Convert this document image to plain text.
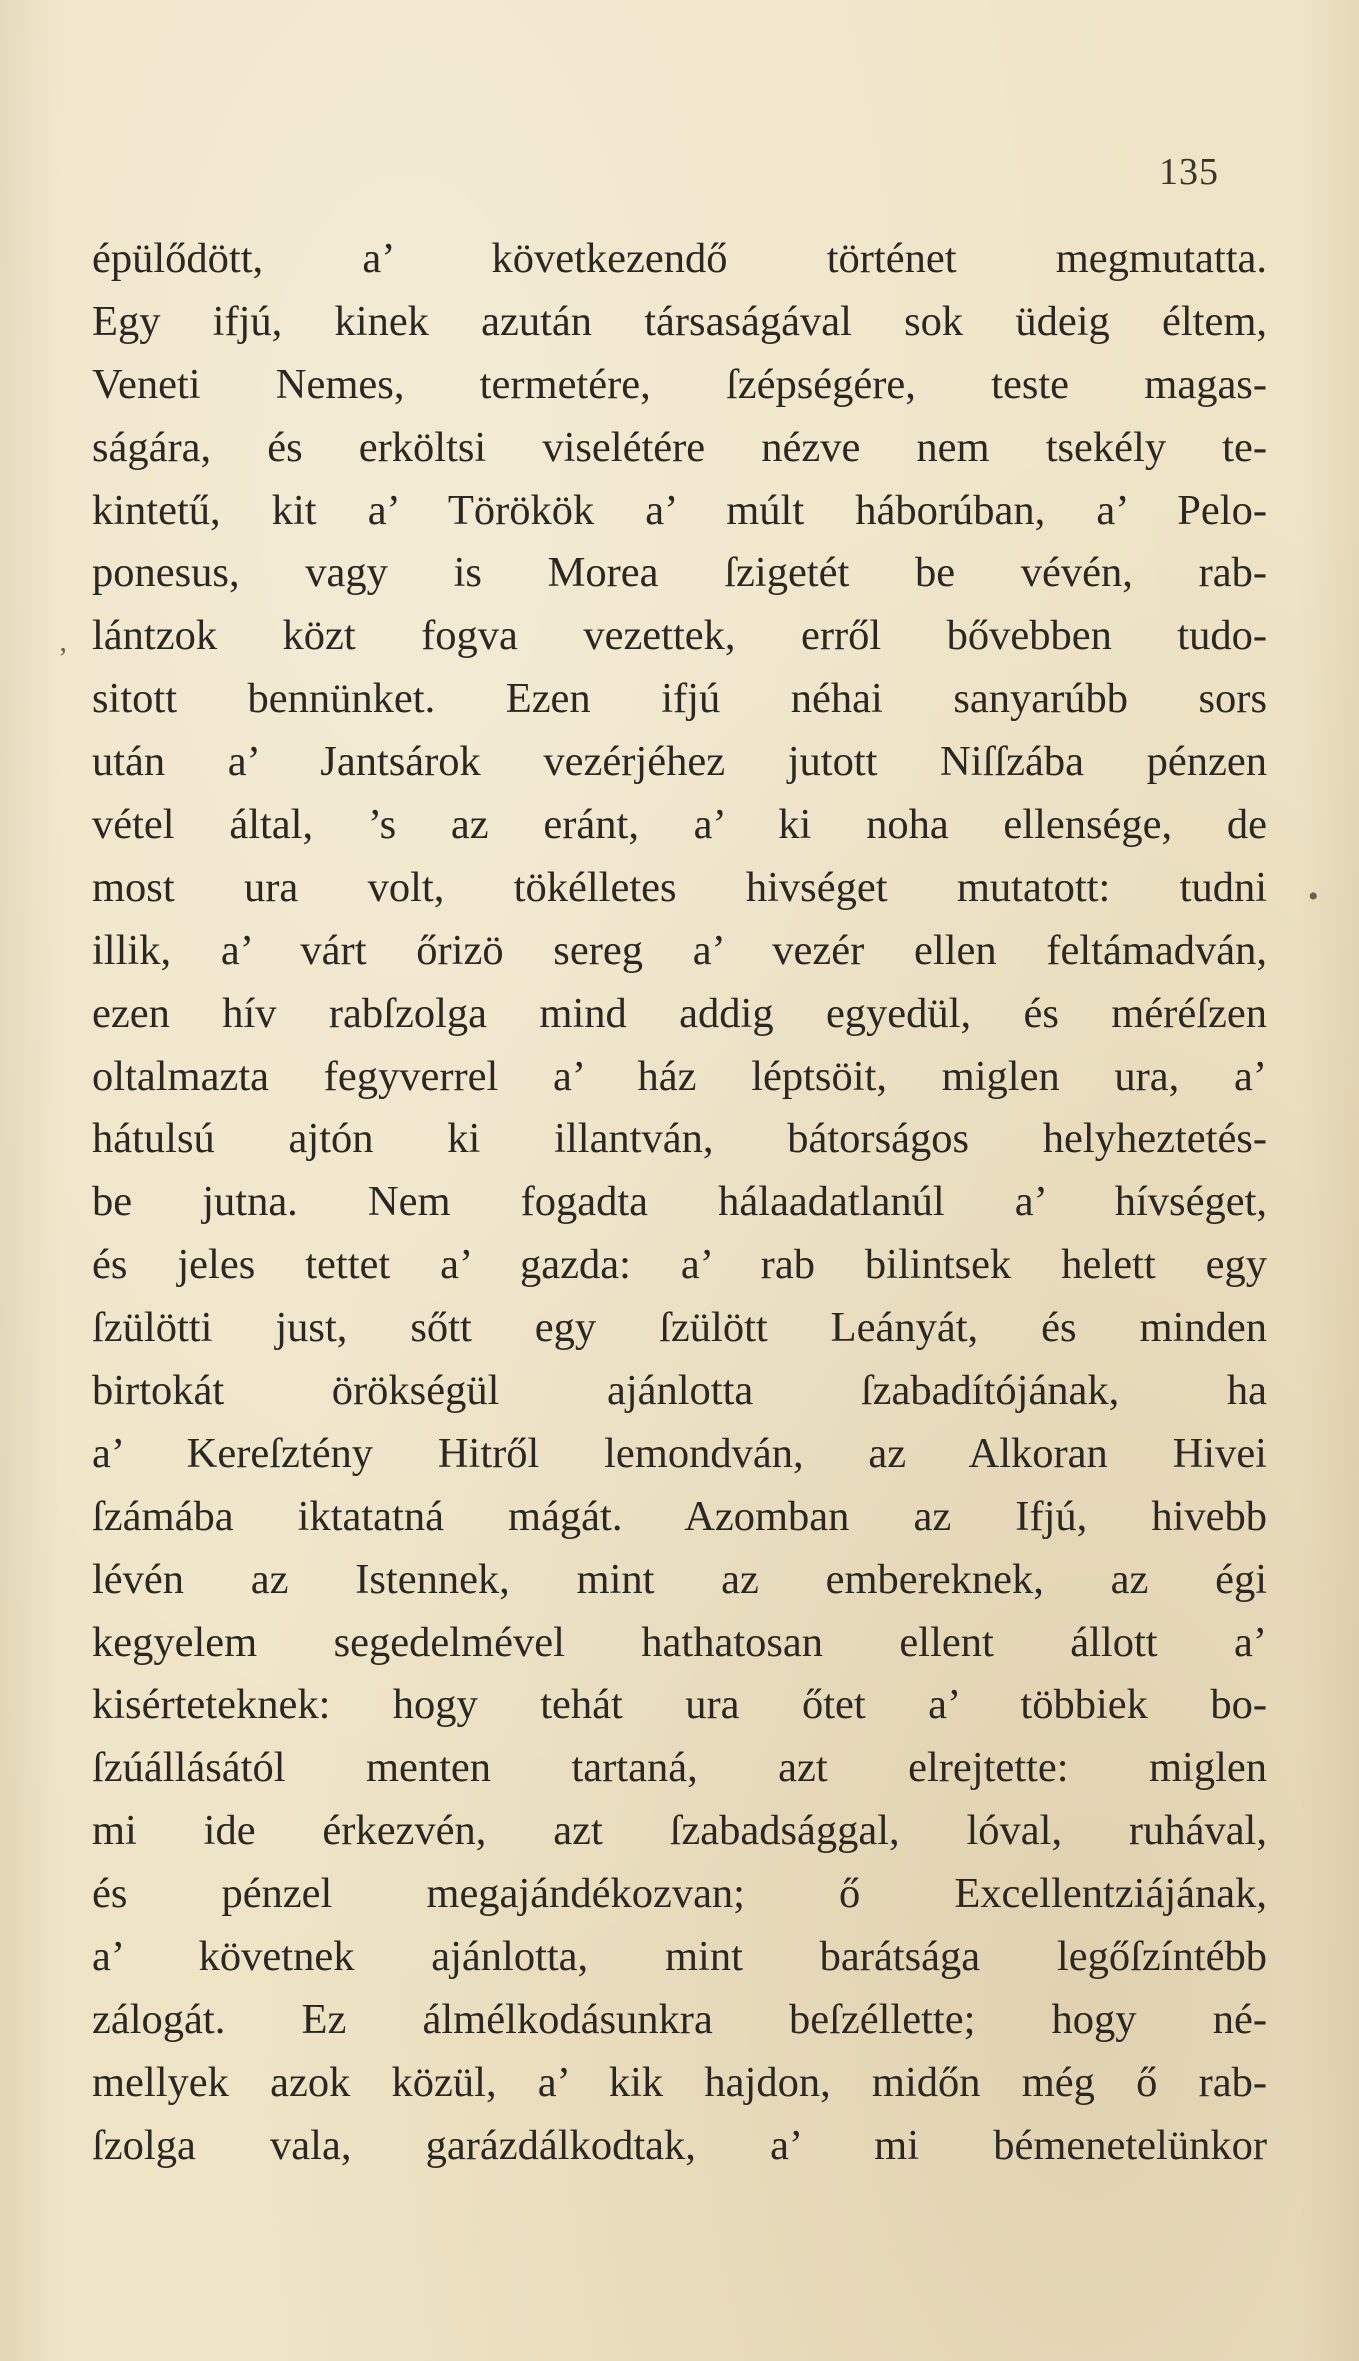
135
‚
•
épülődött, a’ következendő történet megmutatta.
Egy ifjú, kinek azután társaságával sok üdeig éltem,
Veneti Nemes, termetére, ſzépségére, teste magas-
ságára, és erköltsi viselétére nézve nem tsekély te-
kintetű, kit a’ Törökök a’ múlt háborúban, a’ Pelo-
ponesus, vagy is Morea ſzigetét be vévén, rab-
lántzok közt fogva vezettek, erről bővebben tudo-
sitott bennünket. Ezen ifjú néhai sanyarúbb sors
után a’ Jantsárok vezérjéhez jutott Niſſzába pénzen
vétel által, ’s az eránt, a’ ki noha ellensége, de
most ura volt, tökélletes hivséget mutatott: tudni
illik, a’ várt őrizö sereg a’ vezér ellen feltámadván,
ezen hív rabſzolga mind addig egyedül, és méréſzen
oltalmazta fegyverrel a’ ház léptsöit, miglen ura, a’
hátulsú ajtón ki illantván, bátorságos helyheztetés-
be jutna. Nem fogadta hálaadatlanúl a’ hívséget,
és jeles tettet a’ gazda: a’ rab bilintsek helett egy
ſzülötti just, sőtt egy ſzülött Leányát, és minden
birtokát örökségül ajánlotta ſzabadítójának, ha
a’ Kereſztény Hitről lemondván, az Alkoran Hivei
ſzámába iktatatná mágát. Azomban az Ifjú, hivebb
lévén az Istennek, mint az embereknek, az égi
kegyelem segedelmével hathatosan ellent állott a’
kisérteteknek: hogy tehát ura őtet a’ többiek bo-
ſzúállásától menten tartaná, azt elrejtette: miglen
mi ide érkezvén, azt ſzabadsággal, lóval, ruhával,
és pénzel megajándékozvan; ő Excellentziájának,
a’ követnek ajánlotta, mint barátsága legőſzíntébb
zálogát. Ez álmélkodásunkra beſzéllette; hogy né-
mellyek azok közül, a’ kik hajdon, midőn még ő rab-
ſzolga vala, garázdálkodtak, a’ mi bémenetelünkor
